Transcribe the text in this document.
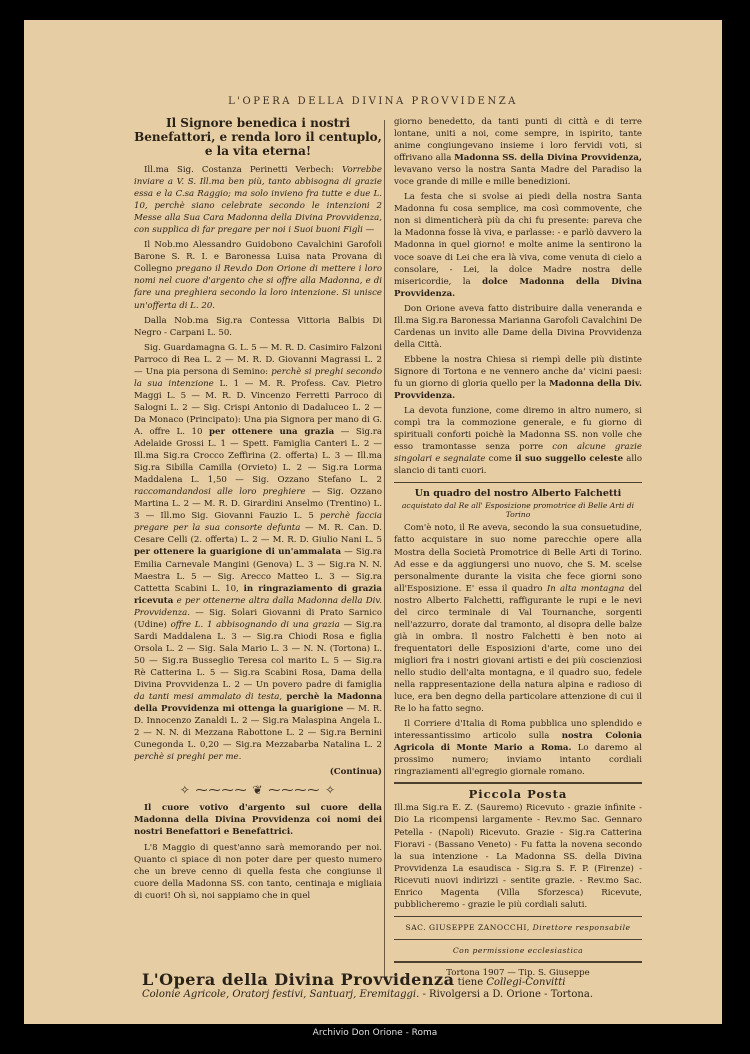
L'OPERA DELLA DIVINA PROVVIDENZA
Il Signore benedica i nostri Benefattori, e renda loro il centuplo, e la vita eterna!

Ill.ma Sig. Costanza Perinetti Verbech: Vorrebbe inviare a V. S. Ill.ma ben più, tanto abbisogna di grazie essa e la C.sa Raggio; ma solo invieno fra tutte e due L. 10, perchè siano celebrate secondo le intenzioni 2 Messe alla Sua Cara Madonna della Divina Provvidenza, con supplica di far pregare per noi i Suoi buoni Figli —

Il Nob.mo Alessandro Guidobono Cavalchini Garofoli Barone S. R. I. e Baronessa Luisa nata Provana di Collegno pregano il Rev.do Don Orione di mettere i loro nomi nel cuore d'argento che si offre alla Madonna, e di fare una preghiera secondo la loro intenzione. Si unisce un'offerta di L. 20.

Dalla Nob.ma Sig.ra Contessa Vittoria Balbis Di Negro - Carpani L. 50.

Sig. Guardamagna G. L. 5 — M. R. D. Casimiro Falzoni Parroco di Rea L. 2 — M. R. D. Giovanni Magrassi L. 2 — Una pia persona di Semino: perchè si preghi secondo la sua intenzione L. 1 — M. R. Profess. Cav. Pietro Maggi L. 5 — M. R. D. Vincenzo Ferretti Parroco di Salogni L. 2 — Sig. Crispi Antonio di Dadaluceo L. 2 — Da Monaco (Principato): Una pia Signora per mano di G. A. offre L. 10 per ottenere una grazia — Sig.ra Adelaide Grossi L. 1 — Spett. Famiglia Canteri L. 2 — Ill.ma Sig.ra Crocco Zeffirina (2. offerta) L. 3 — Ill.ma Sig.ra Sibilla Camilla (Orvieto) L. 2 — Sig.ra Lorma Maddalena L. 1,50 — Sig. Ozzano Stefano L. 2 raccomandandosi alle loro preghiere — Sig. Ozzano Martina L. 2 — M. R. D. Girardini Anselmo (Trentino) L. 3 — Ill.mo Sig. Giovanni Fauzio L. 5 perchè faccia pregare per la sua consorte defunta — M. R. Can. D. Cesare Celli (2. offerta) L. 2 — M. R. D. Giulio Nani L. 5 per ottenere la guarigione di un'ammalata — Sig.ra Emilia Carnevale Mangini (Genova) L. 3 — Sig.ra N. N. Maestra L. 5 — Sig. Arecco Matteo L. 3 — Sig.ra Cattetta Scabini L. 10, in ringraziamento di grazia ricevuta e per ottenerne altra dalla Madonna della Div. Provvidenza. — Sig. Solari Giovanni di Prato Sarnico (Udine) offre L. 1 abbisognando di una grazia — Sig.ra Sardi Maddalena L. 3 — Sig.ra Chiodi Rosa e figlia Orsola L. 2 — Sig. Sala Mario L. 3 — N. N. (Tortona) L. 50 — Sig.ra Busseglio Teresa col marito L. 5 — Sig.ra Rè Catterina L. 5 — Sig.ra Scabini Rosa, Dama della Divina Provvidenza L. 2 — Un povero padre di famiglia da tanti mesi ammalato di testa, perchè la Madonna della Provvidenza mi ottenga la guarigione — M. R. D. Innocenzo Zanaldi L. 2 — Sig.ra Malaspina Angela L. 2 — N. N. di Mezzana Rabottone L. 2 — Sig.ra Bernini Cunegonda L. 0,20 — Sig.ra Mezzabarba Natalina L. 2 perchè si preghi per me.

(Continua)
✧ ⁓⁓⁓⁓ ❦ ⁓⁓⁓⁓ ✧

Il cuore votivo d'argento sul cuore della Madonna della Divina Provvidenza coi nomi dei nostri Benefattori e Benefattrici.

L'8 Maggio di quest'anno sarà memorando per noi. Quanto ci spiace di non poter dare per questo numero che un breve cenno di quella festa che congiunse il cuore della Madonna SS. con tanto, centinaja e migliaia di cuori! Oh sì, noi sappiamo che in quel

giorno benedetto, da tanti punti di città e di terre lontane, uniti a noi, come sempre, in ispirito, tante anime congiungevano insieme i loro fervidi voti, si offrivano alla Madonna SS. della Divina Provvidenza, levavano verso la nostra Santa Madre del Paradiso la voce grande di mille e mille benedizioni.

La festa che si svolse ai piedi della nostra Santa Madonna fu cosa semplice, ma così commovente, che non si dimenticherà più da chi fu presente: pareva che la Madonna fosse là viva, e parlasse: - e parlò davvero la Madonna in quel giorno! e molte anime la sentirono la voce soave di Lei che era là viva, come venuta di cielo a consolare, - Lei, la dolce Madre nostra delle misericordie, la dolce Madonna della Divina Provvidenza.

Don Orione aveva fatto distribuire dalla veneranda e Ill.ma Sig.ra Baronessa Marianna Garofoli Cavalchini De Cardenas un invito alle Dame della Divina Provvidenza della Città.

Ebbene la nostra Chiesa si riempì delle più distinte Signore di Tortona e ne vennero anche da' vicini paesi: fu un giorno di gloria quello per la Madonna della Div. Provvidenza.

La devota funzione, come diremo in altro numero, si compì tra la commozione generale, e fu giorno di spirituali conforti poichè la Madonna SS. non volle che esso tramontasse senza porre con alcune grazie singolari e segnalate come il suo suggello celeste allo slancio di tanti cuori.

Un quadro del nostro Alberto Falchetti
acquistato dal Re all' Esposizione promotrice di Belle Arti di Torino

Com'è noto, il Re aveva, secondo la sua consuetudine, fatto acquistare in suo nome parecchie opere alla Mostra della Società Promotrice di Belle Arti di Torino. Ad esse e da aggiungersi uno nuovo, che S. M. scelse personalmente durante la visita che fece giorni sono all'Esposizione. E' essa il quadro In alta montagna del nostro Alberto Falchetti, raffigurante le rupi e le nevi del circo terminale di Val Tournanche, sorgenti nell'azzurro, dorate dal tramonto, al disopra delle balze già in ombra. Il nostro Falchetti è ben noto ai frequentatori delle Esposizioni d'arte, come uno dei migliori fra i nostri giovani artisti e dei più coscienziosi nello studio dell'alta montagna, e il quadro suo, fedele nella rappresentazione della natura alpina e radioso di luce, era ben degno della particolare attenzione di cui il Re lo ha fatto segno.

Il Corriere d'Italia di Roma pubblica uno splendido e interessantissimo articolo sulla nostra Colonia Agricola di Monte Mario a Roma. Lo daremo al prossimo numero; inviamo intanto cordiali ringraziamenti all'egregio giornale romano.

Piccola Posta

Ill.ma Sig.ra E. Z. (Sauremo) Ricevuto - grazie infinite - Dio La ricompensi largamente - Rev.mo Sac. Gennaro Petella - (Napoli) Ricevuto. Grazie - Sig.ra Catterina Fioravi - (Bassano Veneto) - Fu fatta la novena secondo la sua intenzione - La Madonna SS. della Divina Provvidenza La esaudisca - Sig.ra S. F. P. (Firenze) - Ricevuti nuovi indirizzi - sentite grazie. - Rev.mo Sac. Enrico Magenta (Villa Sforzesca) Ricevute, pubblicheremo - grazie le più cordiali saluti.

SAC. GIUSEPPE ZANOCCHI, Direttore responsabile
Con permissione ecclesiastica
Tortona 1907 — Tip. S. Giuseppe
L'Opera della Divina Provvidenza tiene Collegi-Convitti
Colonie Agricole, Oratorj festivi, Santuarj, Eremitaggi. - Rivolgersi a D. Orione - Tortona.
Archivio Don Orione - Roma
